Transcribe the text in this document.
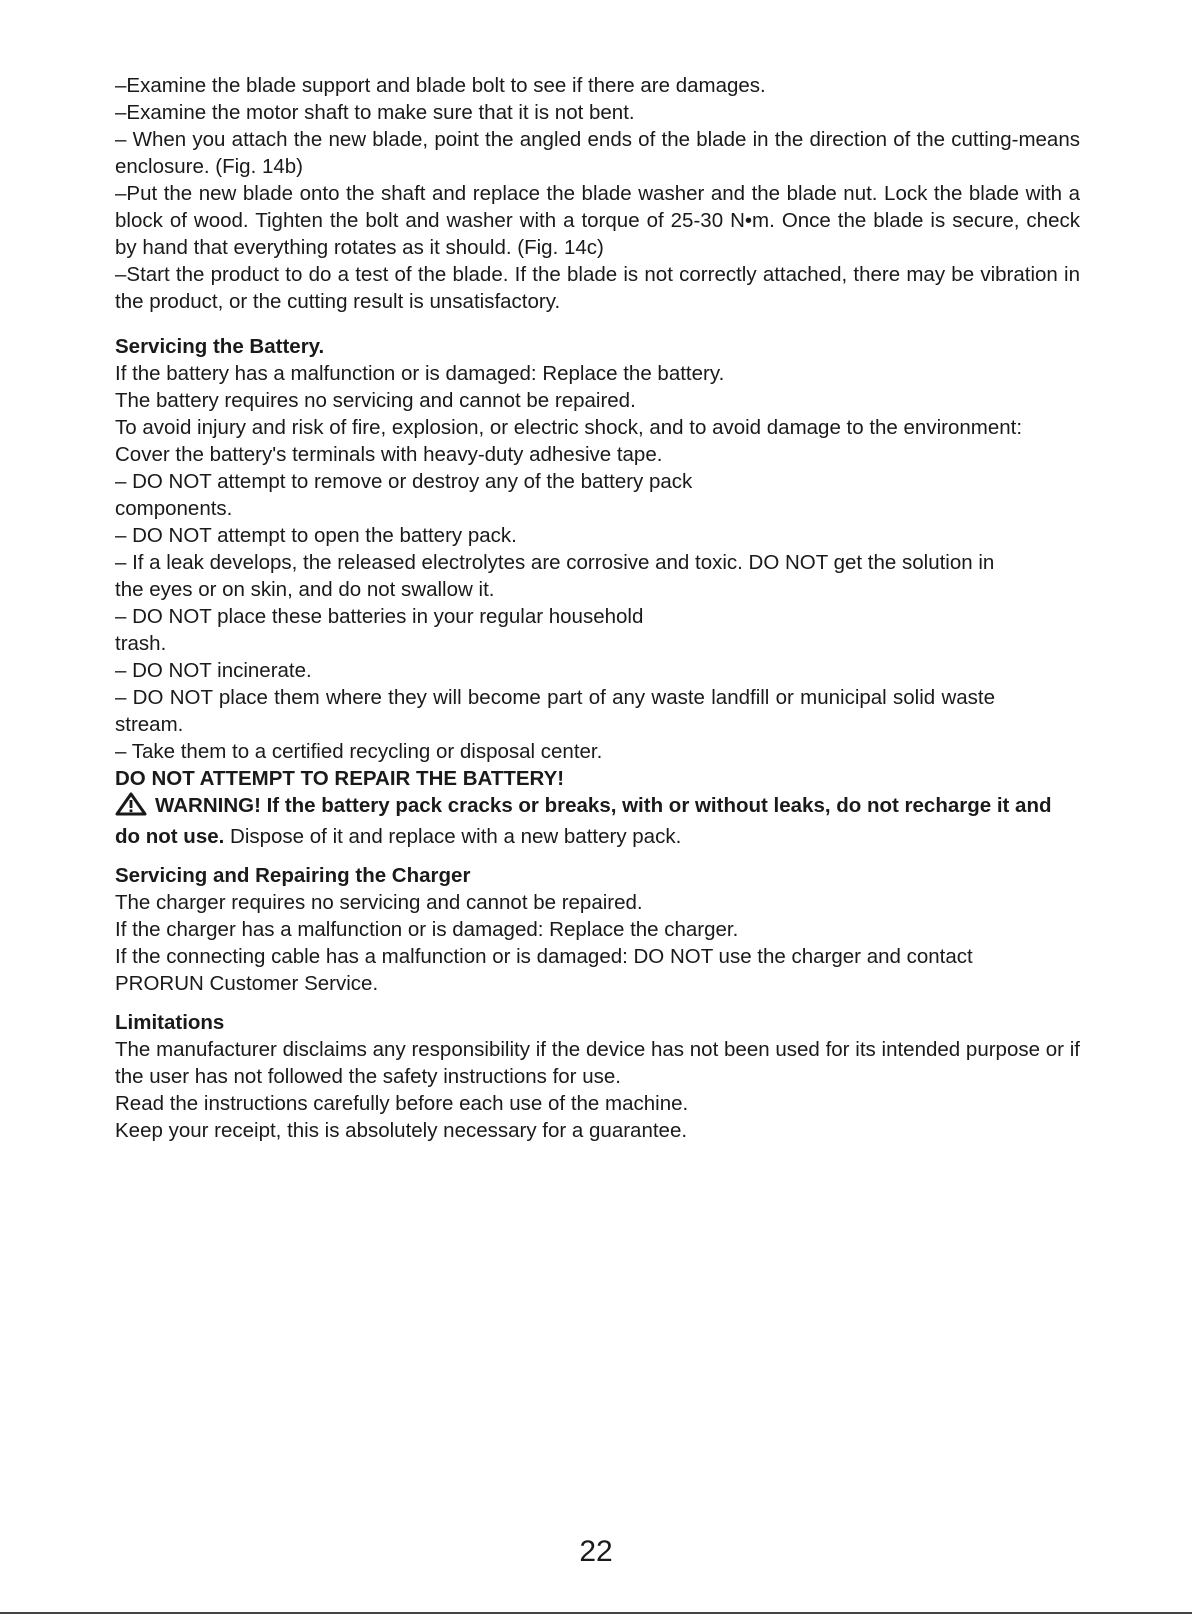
–Examine the blade support and blade bolt to see if there are damages.
–Examine the motor shaft to make sure that it is not bent.
– When you attach the new blade, point the angled ends of the blade in the direction of the cutting-means enclosure. (Fig. 14b)
–Put the new blade onto the shaft and replace the blade washer and the blade nut. Lock the blade with a block of wood. Tighten the bolt and washer with a torque of 25-30 N•m. Once the blade is secure, check by hand that everything rotates as it should. (Fig. 14c)
–Start the product to do a test of the blade. If the blade is not correctly attached, there may be vibration in the product, or the cutting result is unsatisfactory.
Servicing the Battery.
If the battery has a malfunction or is damaged: Replace the battery.
The battery requires no servicing and cannot be repaired.
To avoid injury and risk of fire, explosion, or electric shock, and to avoid damage to the environment:
Cover the battery's terminals with heavy-duty adhesive tape.
– DO NOT attempt to remove or destroy any of the battery pack
components.
– DO NOT attempt to open the battery pack.
– If a leak develops, the released electrolytes are corrosive and toxic. DO NOT get the solution in
the eyes or on skin, and do not swallow it.
– DO NOT place these batteries in your regular household
trash.
– DO NOT incinerate.
– DO NOT place them where they will become part of any waste landfill or municipal solid waste stream.
– Take them to a certified recycling or disposal center.
DO NOT ATTEMPT TO REPAIR THE BATTERY!
WARNING! If the battery pack cracks or breaks, with or without leaks, do not recharge it and do not use. Dispose of it and replace with a new battery pack.
Servicing and Repairing the Charger
The charger requires no servicing and cannot be repaired.
If the charger has a malfunction or is damaged: Replace the charger.
If the connecting cable has a malfunction or is damaged: DO NOT use the charger and contact
PRORUN Customer Service.
Limitations
The manufacturer disclaims any responsibility if the device has not been used for its intended purpose or if the user has not followed the safety instructions for use.
Read the instructions carefully before each use of the machine.
Keep your receipt, this is absolutely necessary for a guarantee.
22
